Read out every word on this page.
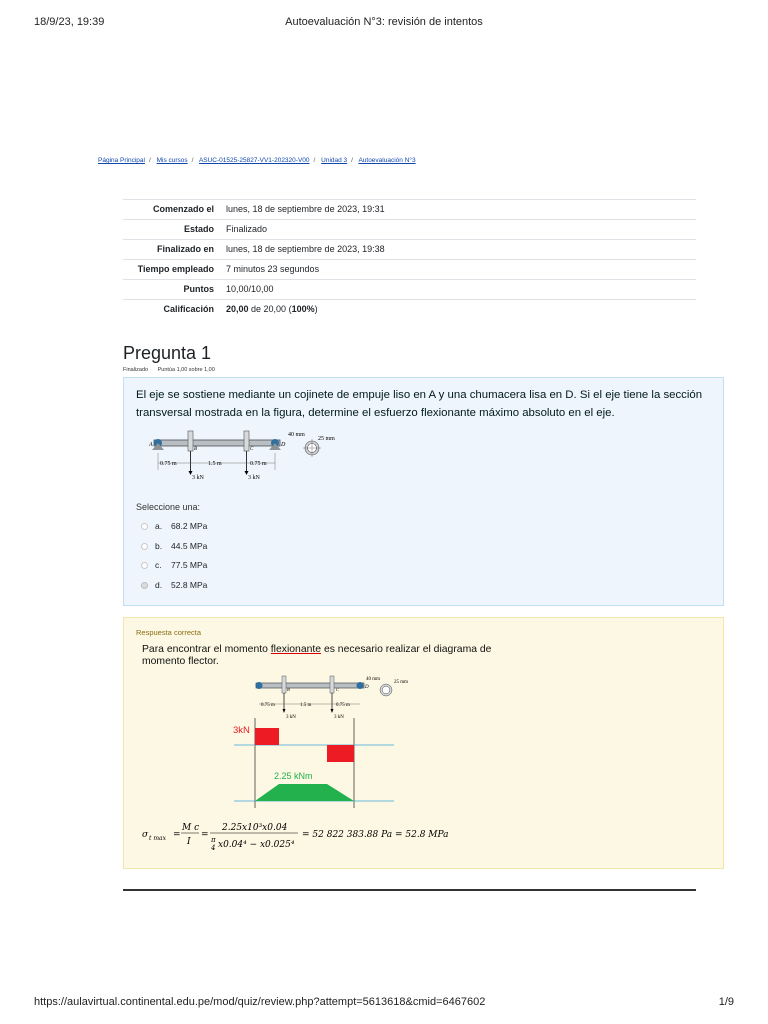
18/9/23, 19:39	Autoevaluación N°3: revisión de intentos
Página Principal / Mis cursos / ASUC-01525-25827-VV1-202320-V00 / Unidad 3 / Autoevaluación N°3
Comenzado el	lunes, 18 de septiembre de 2023, 19:31
Estado	Finalizado
Finalizado en	lunes, 18 de septiembre de 2023, 19:38
Tiempo empleado	7 minutos 23 segundos
Puntos	10,00/10,00
Calificación	20,00 de 20,00 (100%)
Pregunta 1
Finalizado Puntúa 1,00 sobre 1,00
El eje se sostiene mediante un cojinete de empuje liso en A y una chumacera lisa en D. Si el eje tiene la sección
transversal mostrada en la figura, determine el esfuerzo flexionante máximo absoluto en el eje.
A
B	C
D
0.75 m	1.5 m	0.75 m
3 kN	3 kN
40 mm
25 mm
Seleccione una:
a. 68.2 MPa
b. 44.5 MPa
c. 77.5 MPa
d. 52.8 MPa
Respuesta correcta
Para encontrar el momento flexionante es necesario realizar el diagrama de
momento flector.
B	C	D
0.75 m	1.5 m	0.75 m
3 kN	3 kN
40 mm
25 mm
3kN
2.25 kNm
σ t max =
M c
I
=
2.25x10³x0.04
π
4 x0.04⁴ − x0.025⁴
= 52 822 383.88 Pa = 52.8 MPa
https://aulavirtual.continental.edu.pe/mod/quiz/review.php?attempt=5613618&cmid=6467602	1/9
